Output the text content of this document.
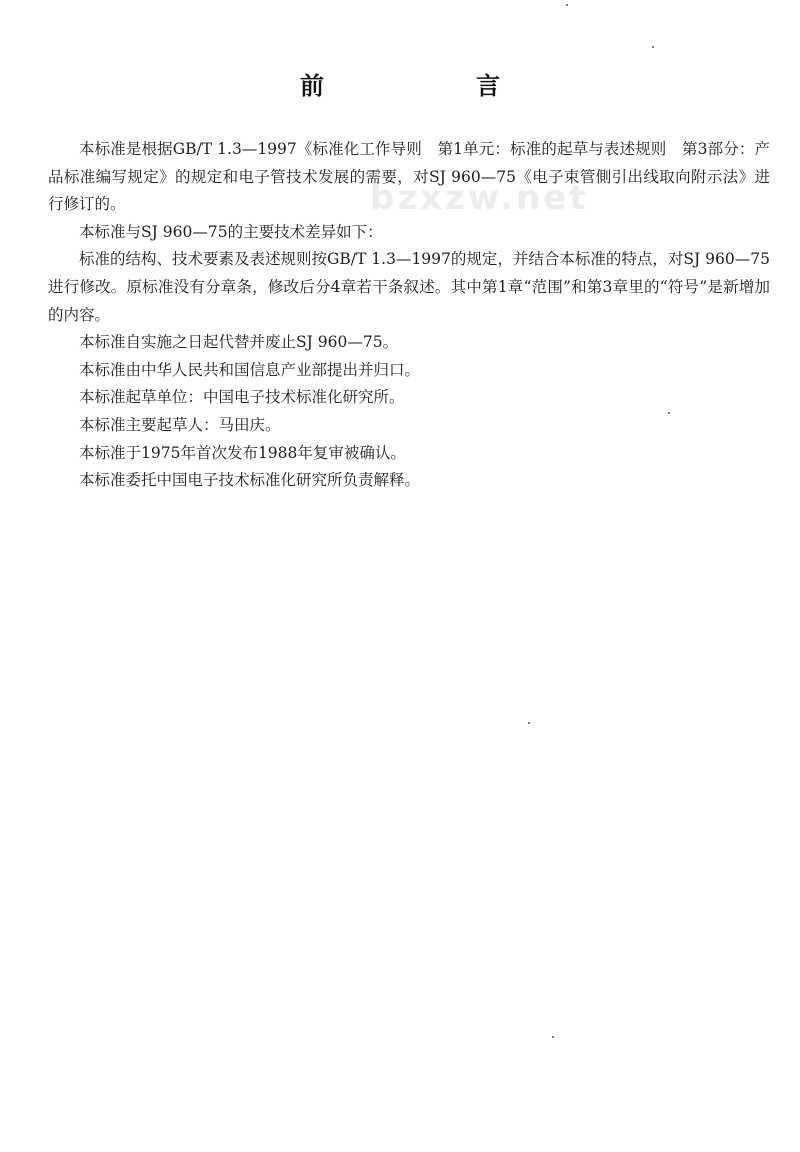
前　言
bzxzw.net

本标准是根据GB/T 1.3—1997《标准化工作导则　第1单元：标准的起草与表述规则　第3部分：产品标准编写规定》的规定和电子管技术发展的需要，对SJ 960—75《电子束管側引出线取向附示法》进行修订的。

本标准与SJ 960—75的主要技术差异如下：

标准的结构、技术要素及表述规则按GB/T 1.3—1997的规定，并结合本标准的特点，对SJ 960—75进行修改。原标准没有分章条，修改后分4章若干条叙述。其中第1章“范围”和第3章里的“符号”是新增加的内容。

本标准自实施之日起代替并废止SJ 960—75。

本标准由中华人民共和国信息产业部提出并归口。

本标准起草单位：中国电子技术标准化研究所。

本标准主要起草人：马田庆。

本标准于1975年首次发布1988年复审被确认。

本标准委托中国电子技术标准化研究所负责解释。
